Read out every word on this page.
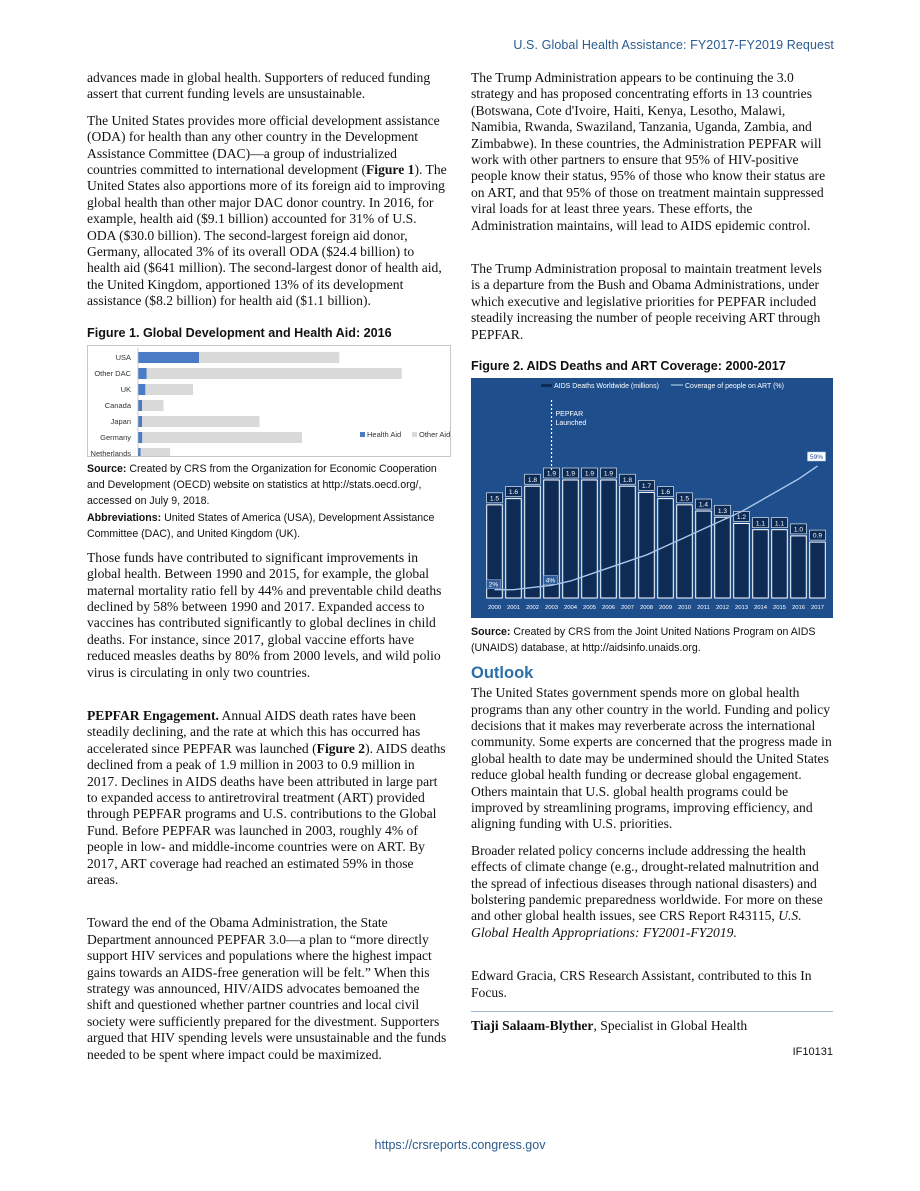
U.S. Global Health Assistance: FY2017-FY2019 Request

advances made in global health. Supporters of reduced funding assert that current funding levels are unsustainable.

The United States provides more official development assistance (ODA) for health than any other country in the Development Assistance Committee (DAC)—a group of industrialized countries committed to international development (Figure 1). The United States also apportions more of its foreign aid to improving global health than other major DAC donor country. In 2016, for example, health aid ($9.1 billion) accounted for 31% of U.S. ODA ($30.0 billion). The second-largest foreign aid donor, Germany, allocated 3% of its overall ODA ($24.4 billion) to health aid ($641 million). The second-largest donor of health aid, the United Kingdom, apportioned 13% of its development assistance ($8.2 billion) for health aid ($1.1 billion).

Figure 1. Global Development and Health Aid: 2016
USA
Other DAC
UK
Canada
Japan
Germany
Netherlands
Health Aid Other Aid
Source: Created by CRS from the Organization for Economic Cooperation and Development (OECD) website on statistics at http://stats.oecd.org/, accessed on July 9, 2018.
Abbreviations: United States of America (USA), Development Assistance Committee (DAC), and United Kingdom (UK).

Those funds have contributed to significant improvements in global health. Between 1990 and 2015, for example, the global maternal mortality ratio fell by 44% and preventable child deaths declined by 58% between 1990 and 2017. Expanded access to vaccines has contributed significantly to global declines in child deaths. For instance, since 2017, global vaccine efforts have reduced measles deaths by 80% from 2000 levels, and wild polio virus is circulating in only two countries.

PEPFAR Engagement. Annual AIDS death rates have been steadily declining, and the rate at which this has occurred has accelerated since PEPFAR was launched (Figure 2). AIDS deaths declined from a peak of 1.9 million in 2003 to 0.9 million in 2017. Declines in AIDS deaths have been attributed in large part to expanded access to antiretroviral treatment (ART) provided through PEPFAR programs and U.S. contributions to the Global Fund. Before PEPFAR was launched in 2003, roughly 4% of people in low- and middle-income countries were on ART. By 2017, ART coverage had reached an estimated 59% in those areas.

Toward the end of the Obama Administration, the State Department announced PEPFAR 3.0—a plan to “more directly support HIV services and populations where the highest impact gains towards an AIDS-free generation will be felt.” When this strategy was announced, HIV/AIDS advocates bemoaned the shift and questioned whether partner countries and local civil society were sufficiently prepared for the divestment. Supporters argued that HIV spending levels were unsustainable and the funds needed to be spent where impact could be maximized.

The Trump Administration appears to be continuing the 3.0 strategy and has proposed concentrating efforts in 13 countries (Botswana, Cote d'Ivoire, Haiti, Kenya, Lesotho, Malawi, Namibia, Rwanda, Swaziland, Tanzania, Uganda, Zambia, and Zimbabwe). In these countries, the Administration PEPFAR will work with other partners to ensure that 95% of HIV-positive people know their status, 95% of those who know their status are on ART, and that 95% of those on treatment maintain suppressed viral loads for at least three years. These efforts, the Administration maintains, will lead to AIDS epidemic control.

The Trump Administration proposal to maintain treatment levels is a departure from the Bush and Obama Administrations, under which executive and legislative priorities for PEPFAR included steadily increasing the number of people receiving ART through PEPFAR.

Figure 2. AIDS Deaths and ART Coverage: 2000-2017
AIDS Deaths Worldwide (millions)	Coverage of people on ART (%)
1.5
1.6
1.8
1.9 1.9 1.9 1.9
1.8
1.7
1.6
1.5
1.4
1.3
1.2
1.1 1.1
1.0
0.9
2%
4%
59%
PEPFAR
Launched
2000 2001 2002 2003 2004 2005 2006 2007 2008 2009 2010 2011 2012 2013 2014 2015 2016 2017
Source: Created by CRS from the Joint United Nations Program on AIDS (UNAIDS) database, at http://aidsinfo.unaids.org.
Outlook

The United States government spends more on global health programs than any other country in the world. Funding and policy decisions that it makes may reverberate across the international community. Some experts are concerned that the progress made in global health to date may be undermined should the United States reduce global health funding or decrease global engagement. Others maintain that U.S. global health programs could be improved by streamlining programs, improving efficiency, and aligning funding with U.S. priorities.

Broader related policy concerns include addressing the health effects of climate change (e.g., drought-related malnutrition and the spread of infectious diseases through national disasters) and bolstering pandemic preparedness worldwide. For more on these and other global health issues, see CRS Report R43115, U.S. Global Health Appropriations: FY2001-FY2019.

Edward Gracia, CRS Research Assistant, contributed to this In Focus.

Tiaji Salaam-Blyther, Specialist in Global Health

IF10131
https://crsreports.congress.gov
